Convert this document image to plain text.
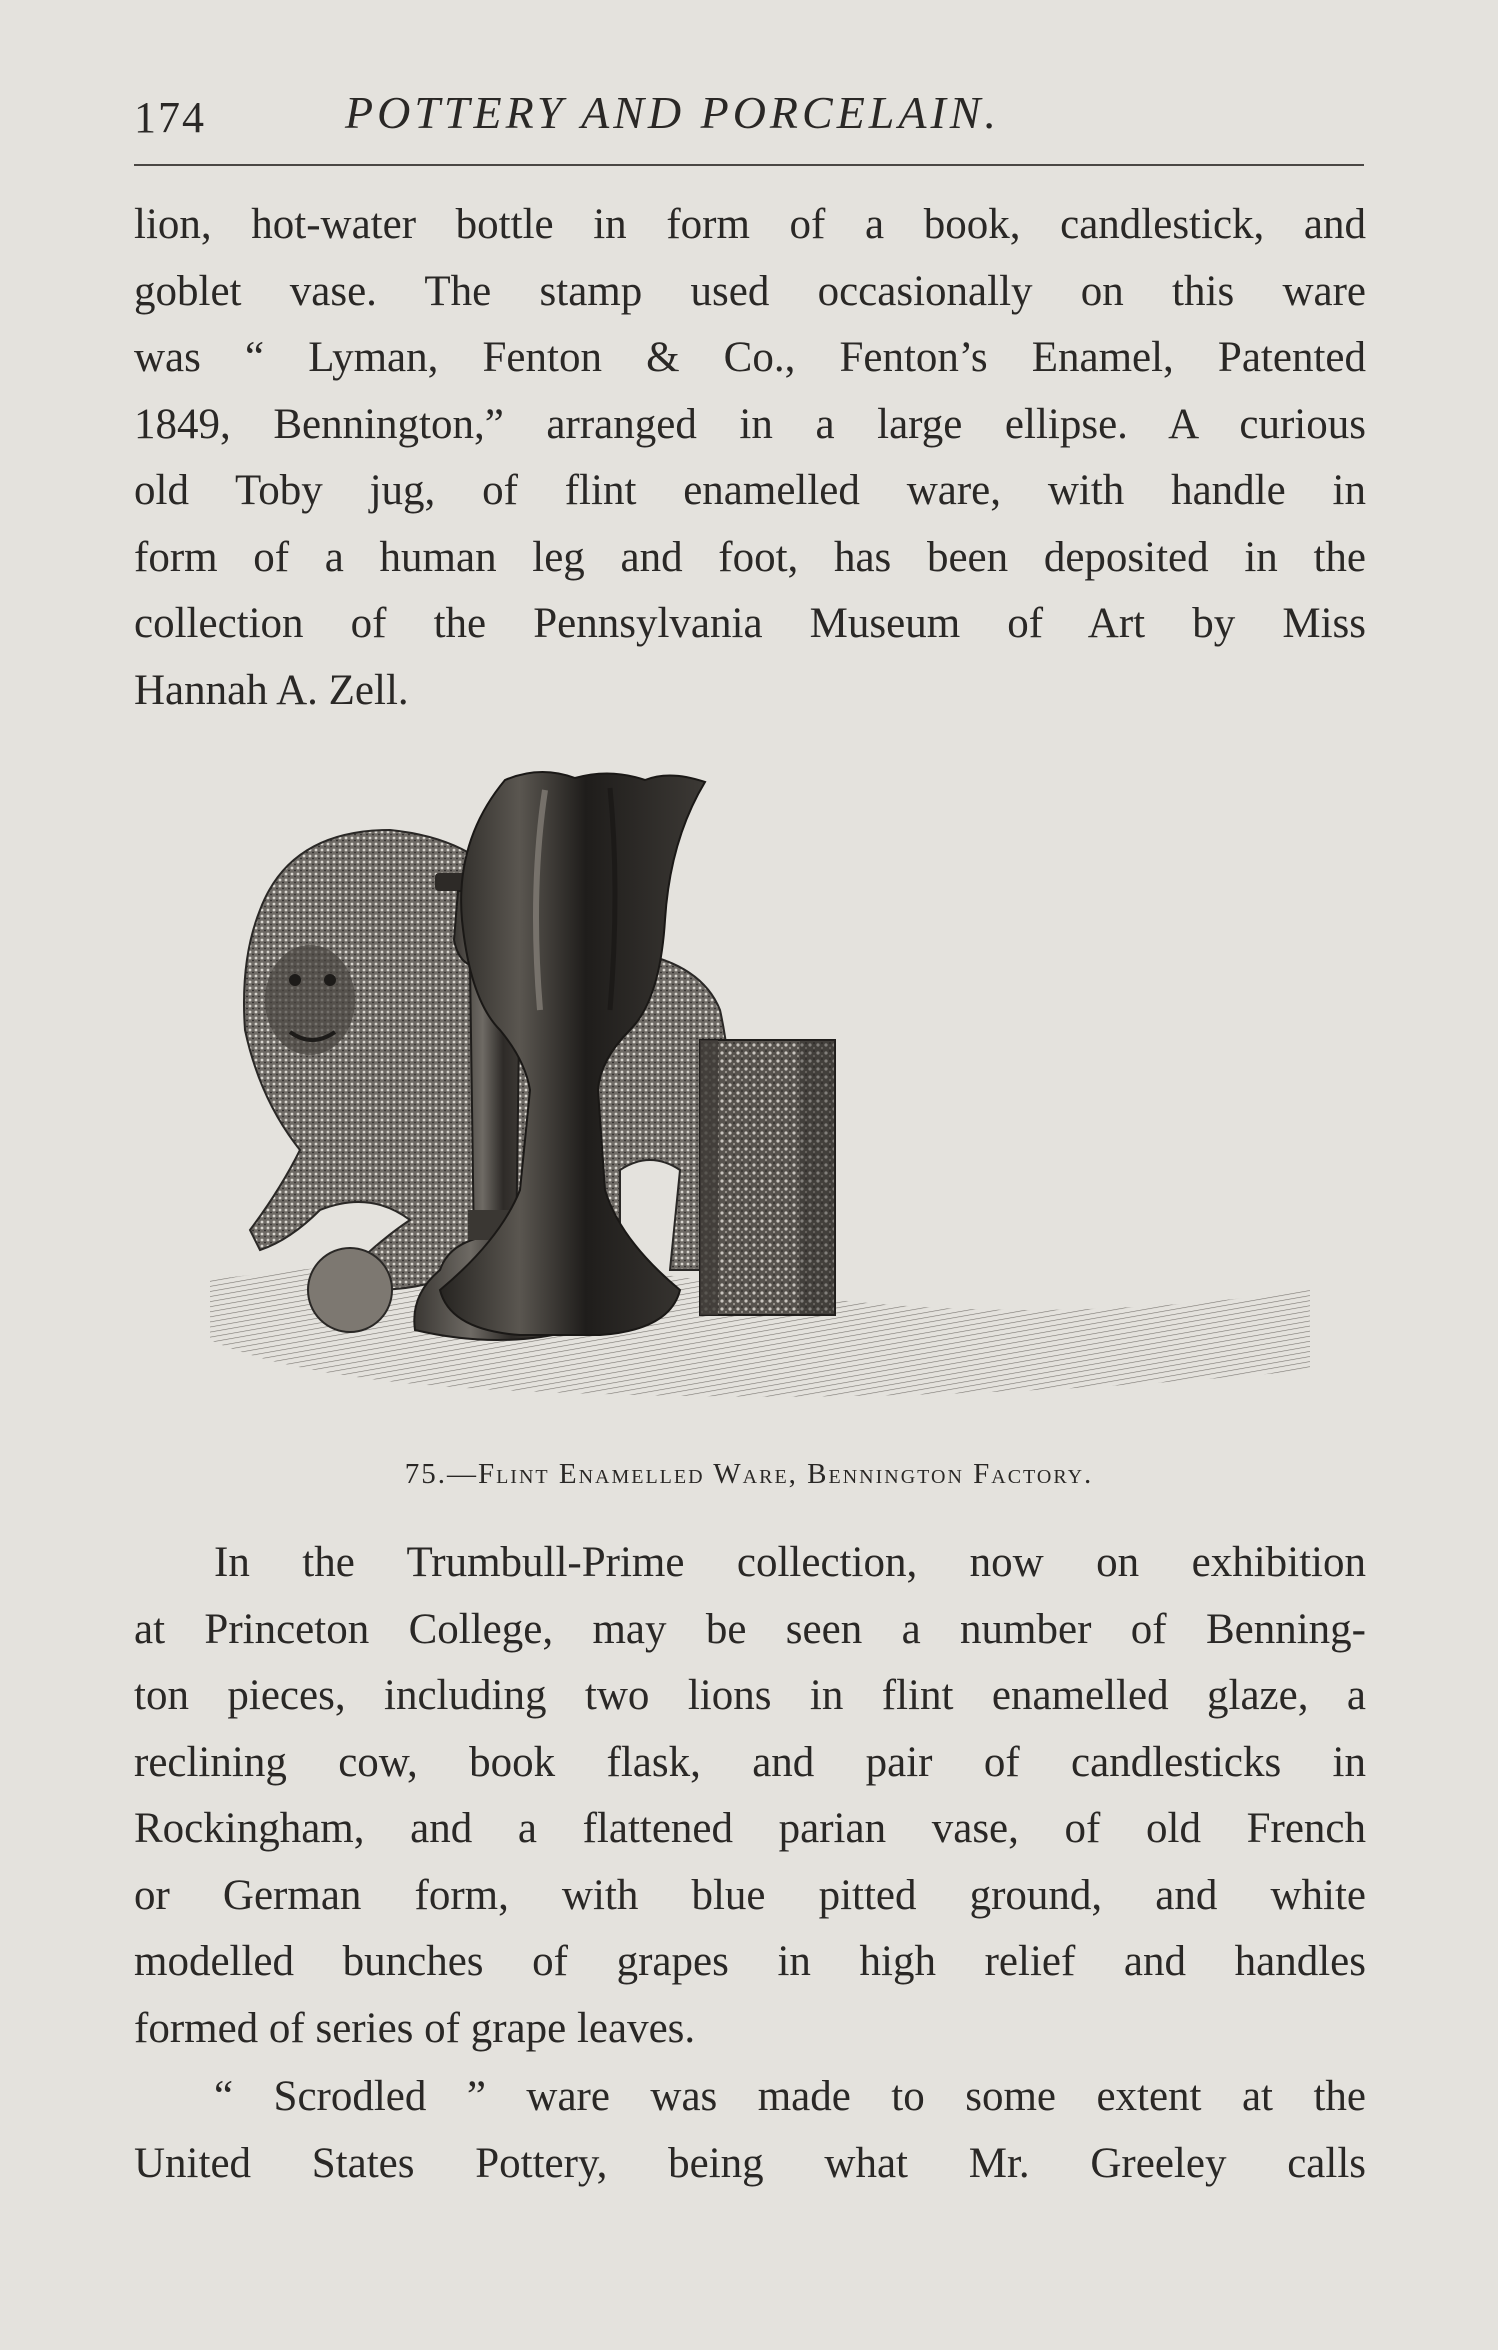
174	POTTERY AND PORCELAIN.
lion, hot-water bottle in form of a book, candlestick, and
goblet vase. The stamp used occasionally on this ware
was “ Lyman, Fenton & Co., Fenton’s Enamel, Patented
1849, Bennington,” arranged in a large ellipse. A curious
old Toby jug, of flint enamelled ware, with handle in
form of a human leg and foot, has been deposited in the
collection of the Pennsylvania Museum of Art by Miss
Hannah A. Zell.
75.—Flint Enamelled Ware, Bennington Factory.
In the Trumbull-Prime collection, now on exhibition
at Princeton College, may be seen a number of Benning-
ton pieces, including two lions in flint enamelled glaze, a
reclining cow, book flask, and pair of candlesticks in
Rockingham, and a flattened parian vase, of old French
or German form, with blue pitted ground, and white
modelled bunches of grapes in high relief and handles
formed of series of grape leaves.
“ Scrodled ” ware was made to some extent at the
United States Pottery, being what Mr. Greeley calls
